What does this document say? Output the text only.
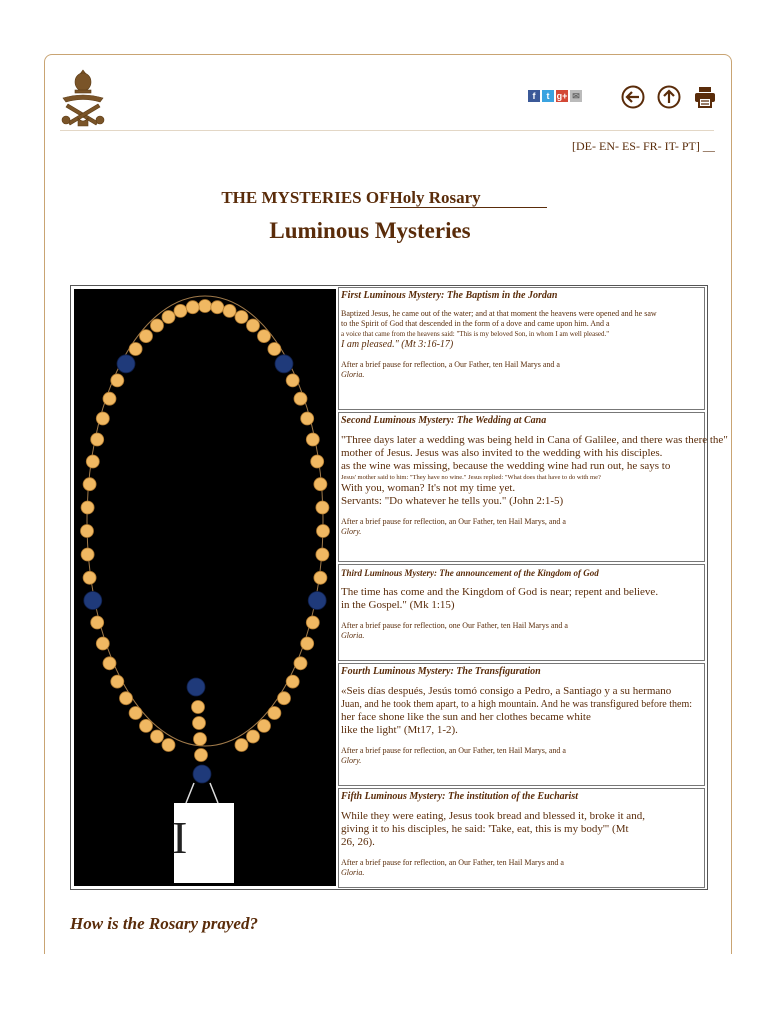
f	t g+ ✉
[DE- EN- ES- FR- IT- PT] __
THE MYSTERIES OFHoly Rosary
Luminous Mysteries
I
First Luminous Mystery: The Baptism in the Jordan

Baptized Jesus, he came out of the water; and at that moment the heavens were opened and he saw

to the Spirit of God that descended in the form of a dove and came upon him. And a

a voice that came from the heavens said: "This is my beloved Son, in whom I am well pleased."

I am pleased." (Mt 3:16-17)

After a brief pause for reflection, a Our Father, ten Hail Marys and a

Gloria.

Second Luminous Mystery: The Wedding at Cana

"Three days later a wedding was being held in Cana of Galilee, and there was there the"

mother of Jesus. Jesus was also invited to the wedding with his disciples.

as the wine was missing, because the wedding wine had run out, he says to

Jesus' mother said to him: "They have no wine." Jesus replied: "What does that have to do with me?

With you, woman? It's not my time yet.

Servants: "Do whatever he tells you." (John 2:1-5)

After a brief pause for reflection, an Our Father, ten Hail Marys, and a

Glory.

Third Luminous Mystery: The announcement of the Kingdom of God

The time has come and the Kingdom of God is near; repent and believe.

in the Gospel." (Mk 1:15)

After a brief pause for reflection, one Our Father, ten Hail Marys and a

Gloria.

Fourth Luminous Mystery: The Transfiguration

«Seis días después, Jesús tomó consigo a Pedro, a Santiago y a su hermano

Juan, and he took them apart, to a high mountain. And he was transfigured before them:

her face shone like the sun and her clothes became white

like the light" (Mt17, 1-2).

After a brief pause for reflection, an Our Father, ten Hail Marys, and a

Glory.

Fifth Luminous Mystery: The institution of the Eucharist

While they were eating, Jesus took bread and blessed it, broke it and,

giving it to his disciples, he said: 'Take, eat, this is my body'" (Mt

26, 26).

After a brief pause for reflection, an Our Father, ten Hail Marys and a

Gloria.

How is the Rosary prayed?
